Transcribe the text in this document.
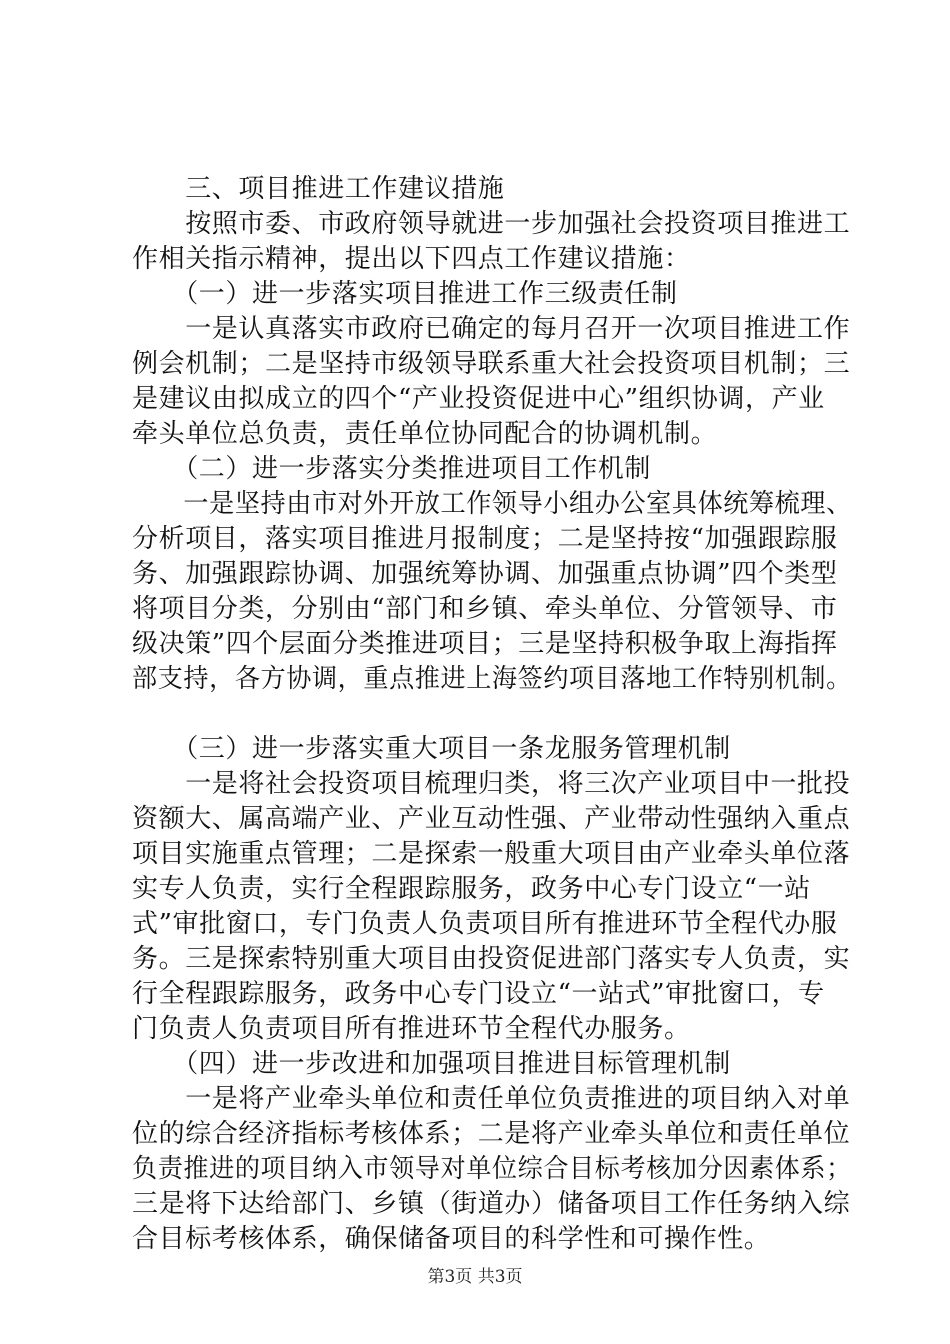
　　三、项目推进工作建议措施
　　按照市委、市政府领导就进一步加强社会投资项目推进工
作相关指示精神，提出以下四点工作建议措施：
　　（一）进一步落实项目推进工作三级责任制
　　一是认真落实市政府已确定的每月召开一次项目推进工作
例会机制；二是坚持市级领导联系重大社会投资项目机制；三
是建议由拟成立的四个“产业投资促进中心”组织协调，产业
牵头单位总负责，责任单位协同配合的协调机制。
　　（二）进一步落实分类推进项目工作机制
　　一是坚持由市对外开放工作领导小组办公室具体统筹梳理、
分析项目，落实项目推进月报制度；二是坚持按“加强跟踪服
务、加强跟踪协调、加强统筹协调、加强重点协调”四个类型
将项目分类，分别由“部门和乡镇、牵头单位、分管领导、市
级决策”四个层面分类推进项目；三是坚持积极争取上海指挥
部支持，各方协调，重点推进上海签约项目落地工作特别机制。
　　（三）进一步落实重大项目一条龙服务管理机制
　　一是将社会投资项目梳理归类，将三次产业项目中一批投
资额大、属高端产业、产业互动性强、产业带动性强纳入重点
项目实施重点管理；二是探索一般重大项目由产业牵头单位落
实专人负责，实行全程跟踪服务，政务中心专门设立“一站
式”审批窗口，专门负责人负责项目所有推进环节全程代办服
务。三是探索特别重大项目由投资促进部门落实专人负责，实
行全程跟踪服务，政务中心专门设立“一站式”审批窗口，专
门负责人负责项目所有推进环节全程代办服务。
　　（四）进一步改进和加强项目推进目标管理机制
　　一是将产业牵头单位和责任单位负责推进的项目纳入对单
位的综合经济指标考核体系；二是将产业牵头单位和责任单位
负责推进的项目纳入市领导对单位综合目标考核加分因素体系；
三是将下达给部门、乡镇（街道办）储备项目工作任务纳入综
合目标考核体系，确保储备项目的科学性和可操作性。
第3页 共3页
